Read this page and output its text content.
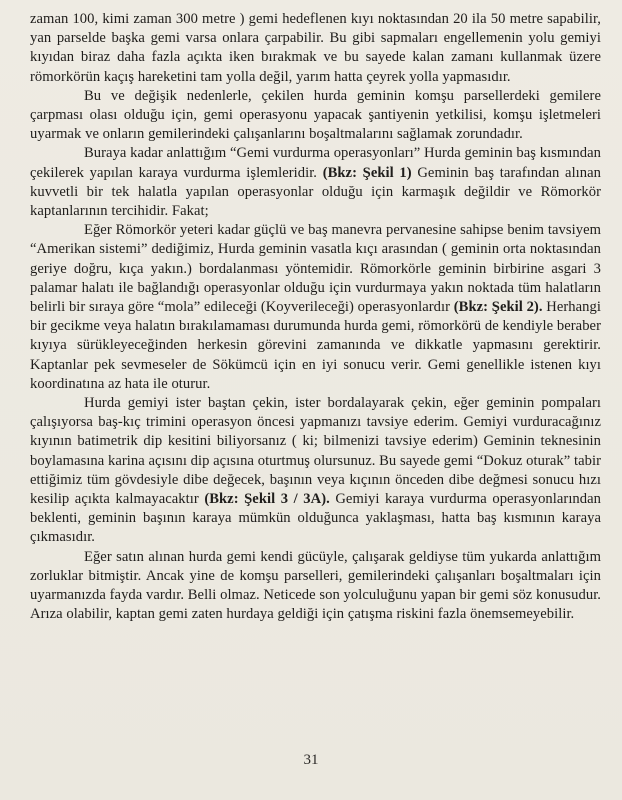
zaman 100, kimi zaman 300 metre ) gemi hedeflenen kıyı noktasından 20 ila 50 metre sapabilir, yan parselde başka gemi varsa onlara çarpabilir. Bu gibi sapmaları engellemenin yolu gemiyi kıyıdan biraz daha fazla açıkta iken bırakmak ve bu sayede kalan zamanı kullanmak üzere römorkörün kaçış hareketini tam yolla değil, yarım hatta çeyrek yolla yapmasıdır.

Bu ve değişik nedenlerle, çekilen hurda geminin komşu parsellerdeki gemilere çarpması olası olduğu için, gemi operasyonu yapacak şantiyenin yetkilisi, komşu işletmeleri uyarmak ve onların gemilerindeki çalışanlarını boşaltmalarını sağlamak zorundadır.

Buraya kadar anlattığım “Gemi vurdurma operasyonları” Hurda geminin baş kısmından çekilerek yapılan karaya vurdurma işlemleridir. (Bkz: Şekil 1) Geminin baş tarafından alınan kuvvetli bir tek halatla yapılan operasyonlar olduğu için karmaşık değildir ve Römorkör kaptanlarının tercihidir. Fakat;

Eğer Römorkör yeteri kadar güçlü ve baş manevra pervanesine sahipse benim tavsiyem “Amerikan sistemi” dediğimiz, Hurda geminin vasatla kıçı arasından ( geminin orta noktasından geriye doğru, kıça yakın.) bordalanması yöntemidir. Römorkörle geminin birbirine asgari 3 palamar halatı ile bağlandığı operasyonlar olduğu için vurdurmaya yakın noktada tüm halatların belirli bir sıraya göre “mola” edileceği (Koyverileceği) operasyonlardır (Bkz: Şekil 2). Herhangi bir gecikme veya halatın bırakılamaması durumunda hurda gemi, römorkörü de kendiyle beraber kıyıya sürükleyeceğinden herkesin görevini zamanında ve dikkatle yapmasını gerektirir. Kaptanlar pek sevmeseler de Sökümcü için en iyi sonucu verir. Gemi genellikle istenen kıyı koordinatına az hata ile oturur.

Hurda gemiyi ister baştan çekin, ister bordalayarak çekin, eğer geminin pompaları çalışıyorsa baş-kıç trimini operasyon öncesi yapmanızı tavsiye ederim. Gemiyi vurduracağınız kıyının batimetrik dip kesitini biliyorsanız ( ki; bilmenizi tavsiye ederim) Geminin teknesinin boylamasına karina açısını dip açısına oturtmuş olursunuz. Bu sayede gemi “Dokuz oturak” tabir ettiğimiz tüm gövdesiyle dibe değecek, başının veya kıçının önceden dibe değmesi sonucu hızı kesilip açıkta kalmayacaktır (Bkz: Şekil 3 / 3A). Gemiyi karaya vurdurma operasyonlarından beklenti, geminin başının karaya mümkün olduğunca yaklaşması, hatta baş kısmının karaya çıkmasıdır.

Eğer satın alınan hurda gemi kendi gücüyle, çalışarak geldiyse tüm yukarda anlattığım zorluklar bitmiştir. Ancak yine de komşu parselleri, gemilerindeki çalışanları boşaltmaları için uyarmanızda fayda vardır. Belli olmaz. Neticede son yolculuğunu yapan bir gemi söz konusudur. Arıza olabilir, kaptan gemi zaten hurdaya geldiği için çatışma riskini fazla önemsemeyebilir.

31
